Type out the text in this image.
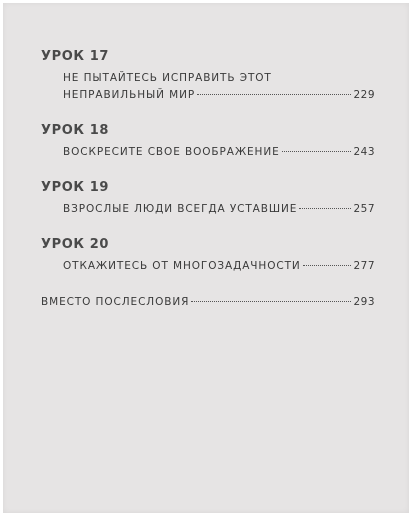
УРОК 17
НЕ ПЫТАЙТЕСЬ ИСПРАВИТЬ ЭТОТ
НЕПРАВИЛЬНЫЙ МИР	229
УРОК 18
ВОСКРЕСИТЕ СВОЕ ВООБРАЖЕНИЕ	243
УРОК 19
ВЗРОСЛЫЕ ЛЮДИ ВСЕГДА УСТАВШИЕ	257
УРОК 20
ОТКАЖИТЕСЬ ОТ МНОГОЗАДАЧНОСТИ	277
ВМЕСТО ПОСЛЕСЛОВИЯ	293
